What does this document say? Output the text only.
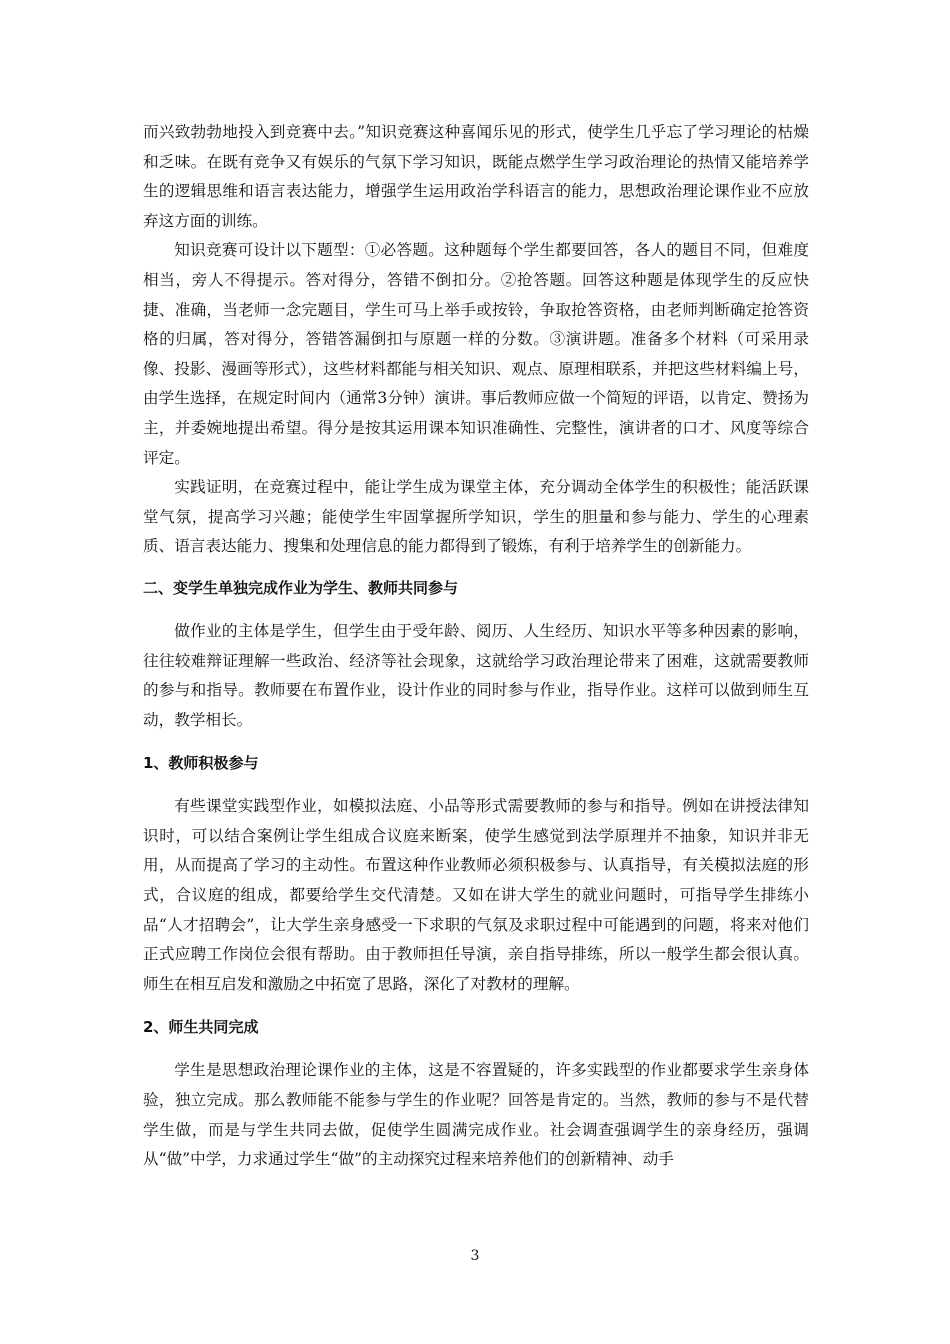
而兴致勃勃地投入到竞赛中去。”知识竞赛这种喜闻乐见的形式，使学生几乎忘了学习理论的枯燥和乏味。在既有竞争又有娱乐的气氛下学习知识，既能点燃学生学习政治理论的热情又能培养学生的逻辑思维和语言表达能力，增强学生运用政治学科语言的能力，思想政治理论课作业不应放弃这方面的训练。

知识竞赛可设计以下题型：①必答题。这种题每个学生都要回答，各人的题目不同，但难度相当，旁人不得提示。答对得分，答错不倒扣分。②抢答题。回答这种题是体现学生的反应快捷、准确，当老师一念完题目，学生可马上举手或按铃，争取抢答资格，由老师判断确定抢答资格的归属，答对得分，答错答漏倒扣与原题一样的分数。③演讲题。准备多个材料（可采用录像、投影、漫画等形式），这些材料都能与相关知识、观点、原理相联系，并把这些材料编上号，由学生选择，在规定时间内（通常3分钟）演讲。事后教师应做一个简短的评语，以肯定、赞扬为主，并委婉地提出希望。得分是按其运用课本知识准确性、完整性，演讲者的口才、风度等综合评定。

实践证明，在竞赛过程中，能让学生成为课堂主体，充分调动全体学生的积极性；能活跃课堂气氛，提高学习兴趣；能使学生牢固掌握所学知识，学生的胆量和参与能力、学生的心理素质、语言表达能力、搜集和处理信息的能力都得到了锻炼，有利于培养学生的创新能力。

二、变学生单独完成作业为学生、教师共同参与

做作业的主体是学生，但学生由于受年龄、阅历、人生经历、知识水平等多种因素的影响，往往较难辩证理解一些政治、经济等社会现象，这就给学习政治理论带来了困难，这就需要教师的参与和指导。教师要在布置作业，设计作业的同时参与作业，指导作业。这样可以做到师生互动，教学相长。

1、教师积极参与

有些课堂实践型作业，如模拟法庭、小品等形式需要教师的参与和指导。例如在讲授法律知识时，可以结合案例让学生组成合议庭来断案，使学生感觉到法学原理并不抽象，知识并非无用，从而提高了学习的主动性。布置这种作业教师必须积极参与、认真指导，有关模拟法庭的形式，合议庭的组成，都要给学生交代清楚。又如在讲大学生的就业问题时，可指导学生排练小品“人才招聘会”，让大学生亲身感受一下求职的气氛及求职过程中可能遇到的问题，将来对他们正式应聘工作岗位会很有帮助。由于教师担任导演，亲自指导排练，所以一般学生都会很认真。师生在相互启发和激励之中拓宽了思路，深化了对教材的理解。

2、师生共同完成

学生是思想政治理论课作业的主体，这是不容置疑的，许多实践型的作业都要求学生亲身体验，独立完成。那么教师能不能参与学生的作业呢？回答是肯定的。当然，教师的参与不是代替学生做，而是与学生共同去做，促使学生圆满完成作业。社会调查强调学生的亲身经历，强调从“做”中学，力求通过学生“做”的主动探究过程来培养他们的创新精神、动手

3
